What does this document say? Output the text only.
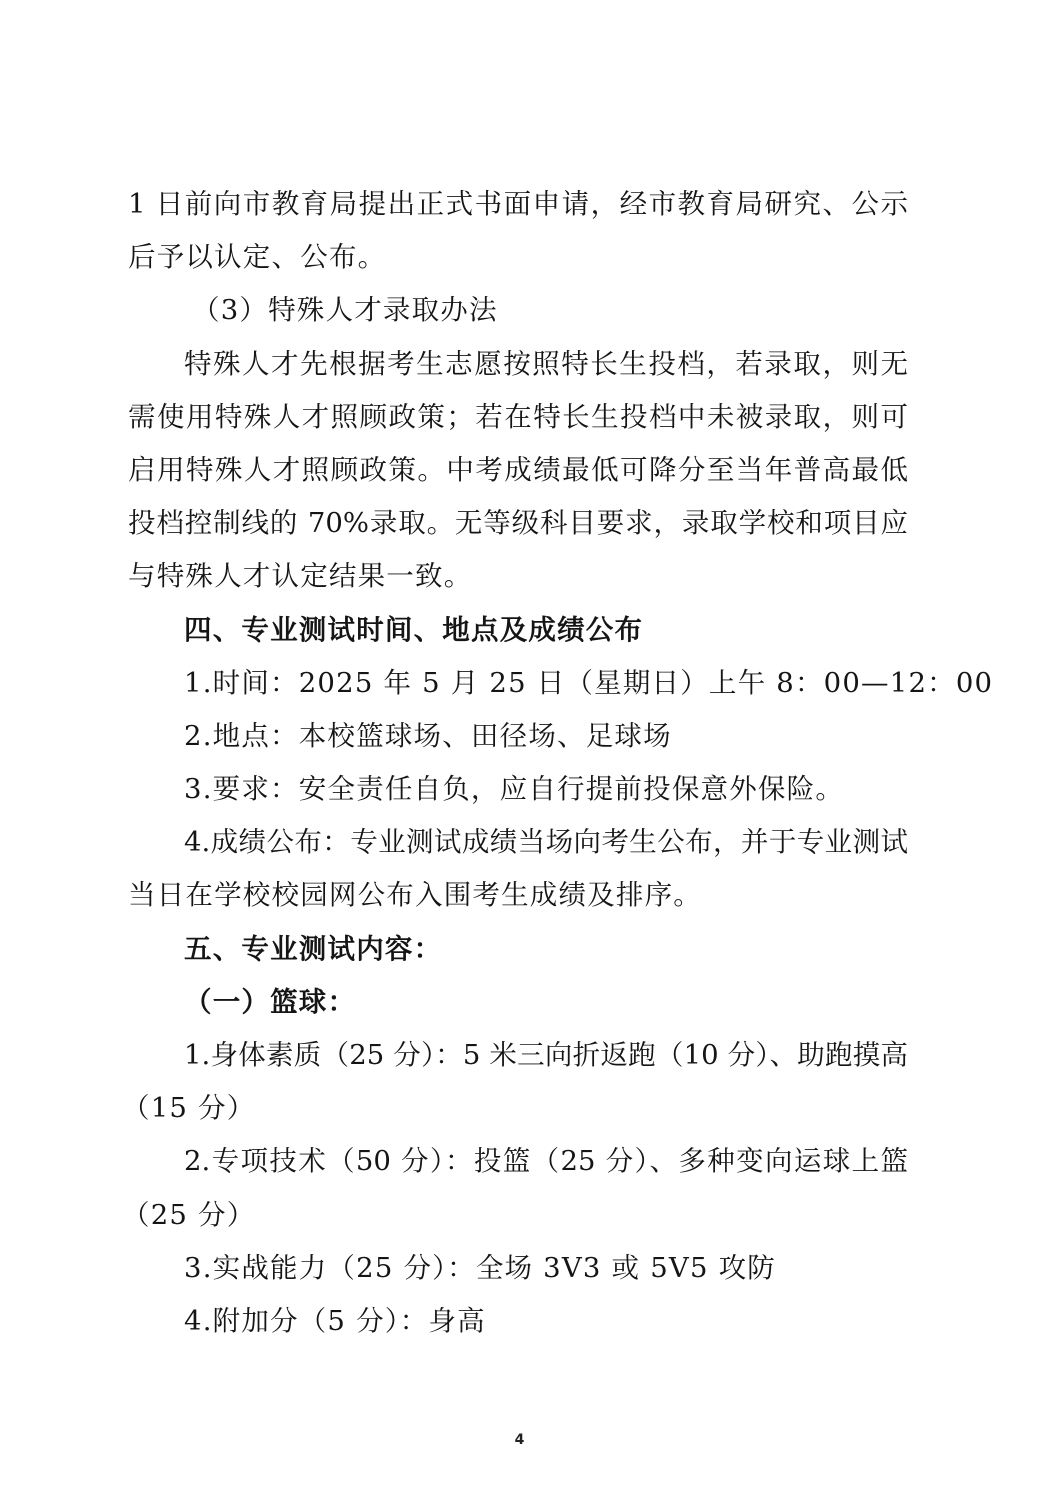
1 日前向市教育局提出正式书面申请，经市教育局研究、公示
后予以认定、公布。
（3）特殊人才录取办法
特殊人才先根据考生志愿按照特长生投档，若录取，则无
需使用特殊人才照顾政策；若在特长生投档中未被录取，则可
启用特殊人才照顾政策。中考成绩最低可降分至当年普高最低
投档控制线的 70%录取。无等级科目要求，录取学校和项目应
与特殊人才认定结果一致。
四、专业测试时间、地点及成绩公布
1.时间：2025 年 5 月 25 日（星期日）上午 8：00—12：00
2.地点：本校篮球场、田径场、足球场
3.要求：安全责任自负，应自行提前投保意外保险。
4.成绩公布：专业测试成绩当场向考生公布，并于专业测试
当日在学校校园网公布入围考生成绩及排序。
五、专业测试内容：
（一）篮球：
1.身体素质（25 分）：5 米三向折返跑（10 分）、助跑摸高
（15 分）
2.专项技术（50 分）：投篮（25 分）、多种变向运球上篮
（25 分）
3.实战能力（25 分）：全场 3V3 或 5V5 攻防
4.附加分（5 分）：身高
4
